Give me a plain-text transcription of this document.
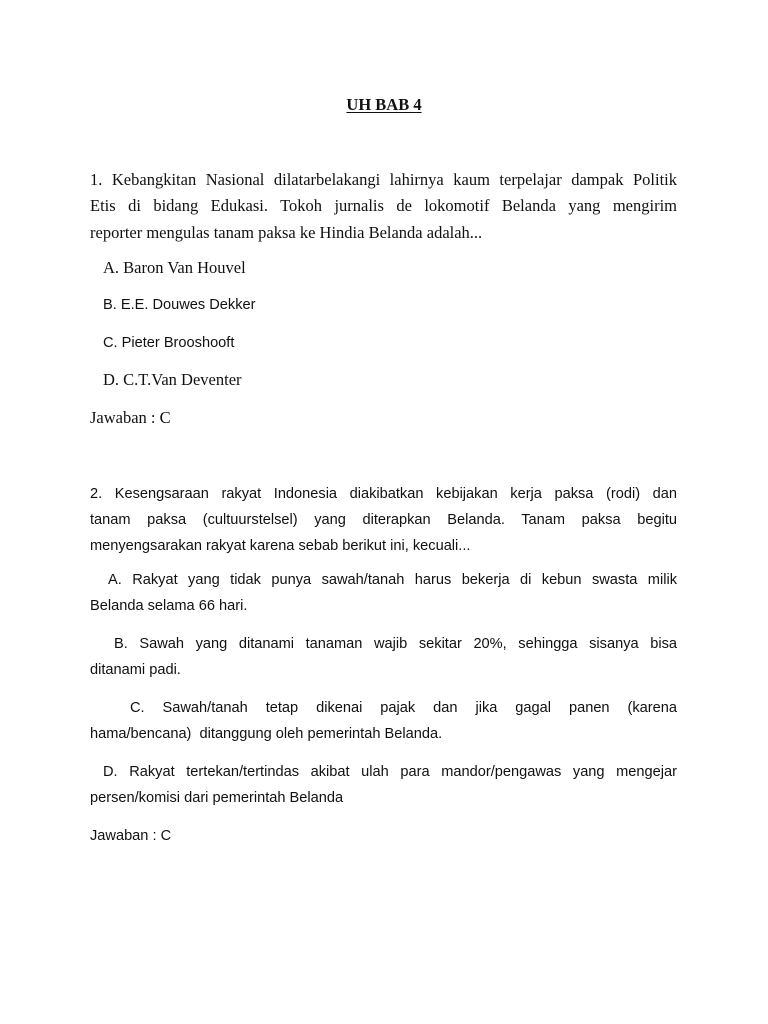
UH BAB 4
1. Kebangkitan Nasional dilatarbelakangi lahirnya kaum terpelajar dampak Politik
Etis di bidang Edukasi. Tokoh jurnalis de lokomotif Belanda yang mengirim
reporter mengulas tanam paksa ke Hindia Belanda adalah...
A. Baron Van Houvel
B. E.E. Douwes Dekker
C. Pieter Brooshooft
D. C.T.Van Deventer
Jawaban : C
2. Kesengsaraan rakyat Indonesia diakibatkan kebijakan kerja paksa (rodi) dan
tanam paksa (cultuurstelsel) yang diterapkan Belanda. Tanam paksa begitu
menyengsarakan rakyat karena sebab berikut ini, kecuali...
A. Rakyat yang tidak punya sawah/tanah harus bekerja di kebun swasta milik
Belanda selama 66 hari.
B. Sawah yang ditanami tanaman wajib sekitar 20%, sehingga sisanya bisa
ditanami padi.
C. Sawah/tanah tetap dikenai pajak dan jika gagal panen (karena
hama/bencana)  ditanggung oleh pemerintah Belanda.
D. Rakyat tertekan/tertindas akibat ulah para mandor/pengawas yang mengejar
persen/komisi dari pemerintah Belanda
Jawaban : C
